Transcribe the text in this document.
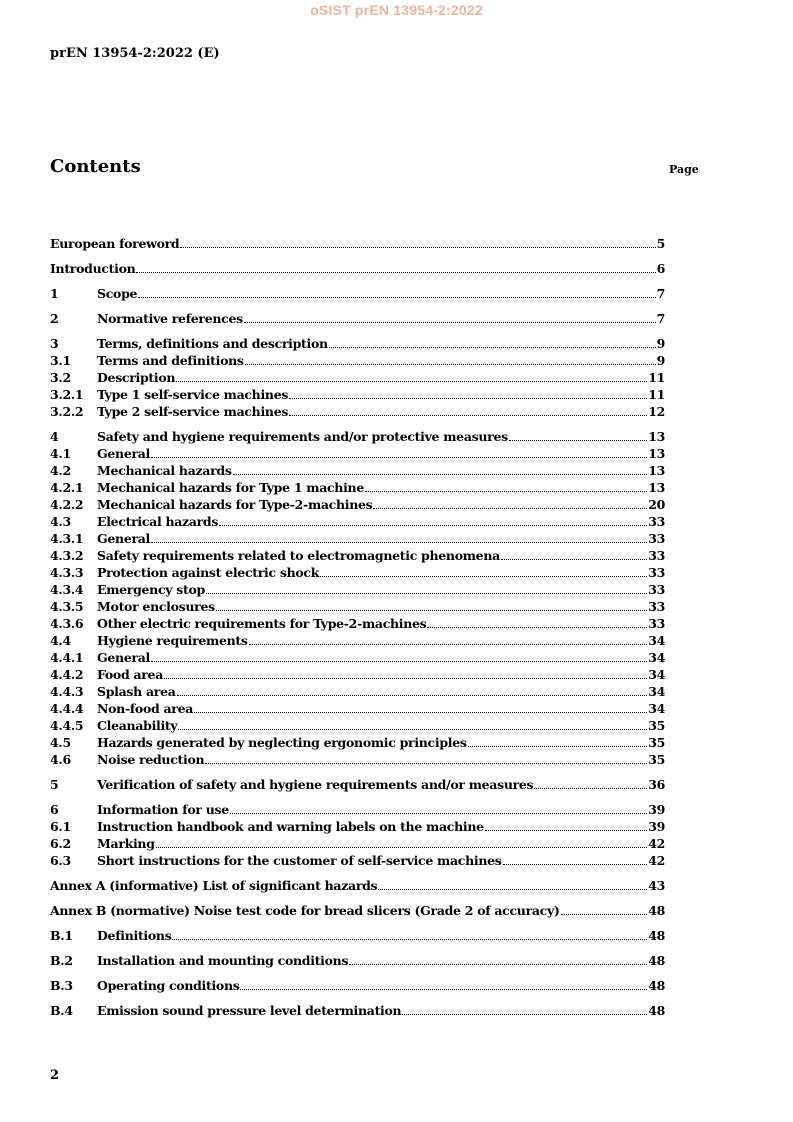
oSIST prEN 13954-2:2022
prEN 13954-2:2022 (E)
Contents	Page
European foreword	5
Introduction	6
1	Scope	7
2	Normative references	7
3	Terms, definitions and description	9
3.1	Terms and definitions	9
3.2	Description	11
3.2.1	Type 1 self-service machines	11
3.2.2	Type 2 self-service machines	12
4	Safety and hygiene requirements and/or protective measures	13
4.1	General	13
4.2	Mechanical hazards	13
4.2.1	Mechanical hazards for Type 1 machine	13
4.2.2	Mechanical hazards for Type-2-machines	20
4.3	Electrical hazards	33
4.3.1	General	33
4.3.2	Safety requirements related to electromagnetic phenomena	33
4.3.3	Protection against electric shock	33
4.3.4	Emergency stop	33
4.3.5	Motor enclosures	33
4.3.6	Other electric requirements for Type-2-machines	33
4.4	Hygiene requirements	34
4.4.1	General	34
4.4.2	Food area	34
4.4.3	Splash area	34
4.4.4	Non-food area	34
4.4.5	Cleanability	35
4.5	Hazards generated by neglecting ergonomic principles	35
4.6	Noise reduction	35
5	Verification of safety and hygiene requirements and/or measures	36
6	Information for use	39
6.1	Instruction handbook and warning labels on the machine	39
6.2	Marking	42
6.3	Short instructions for the customer of self-service machines	42
Annex A (informative) List of significant hazards	43
Annex B (normative) Noise test code for bread slicers (Grade 2 of accuracy)	48
B.1	Definitions	48
B.2	Installation and mounting conditions	48
B.3	Operating conditions	48
B.4	Emission sound pressure level determination	48
2
